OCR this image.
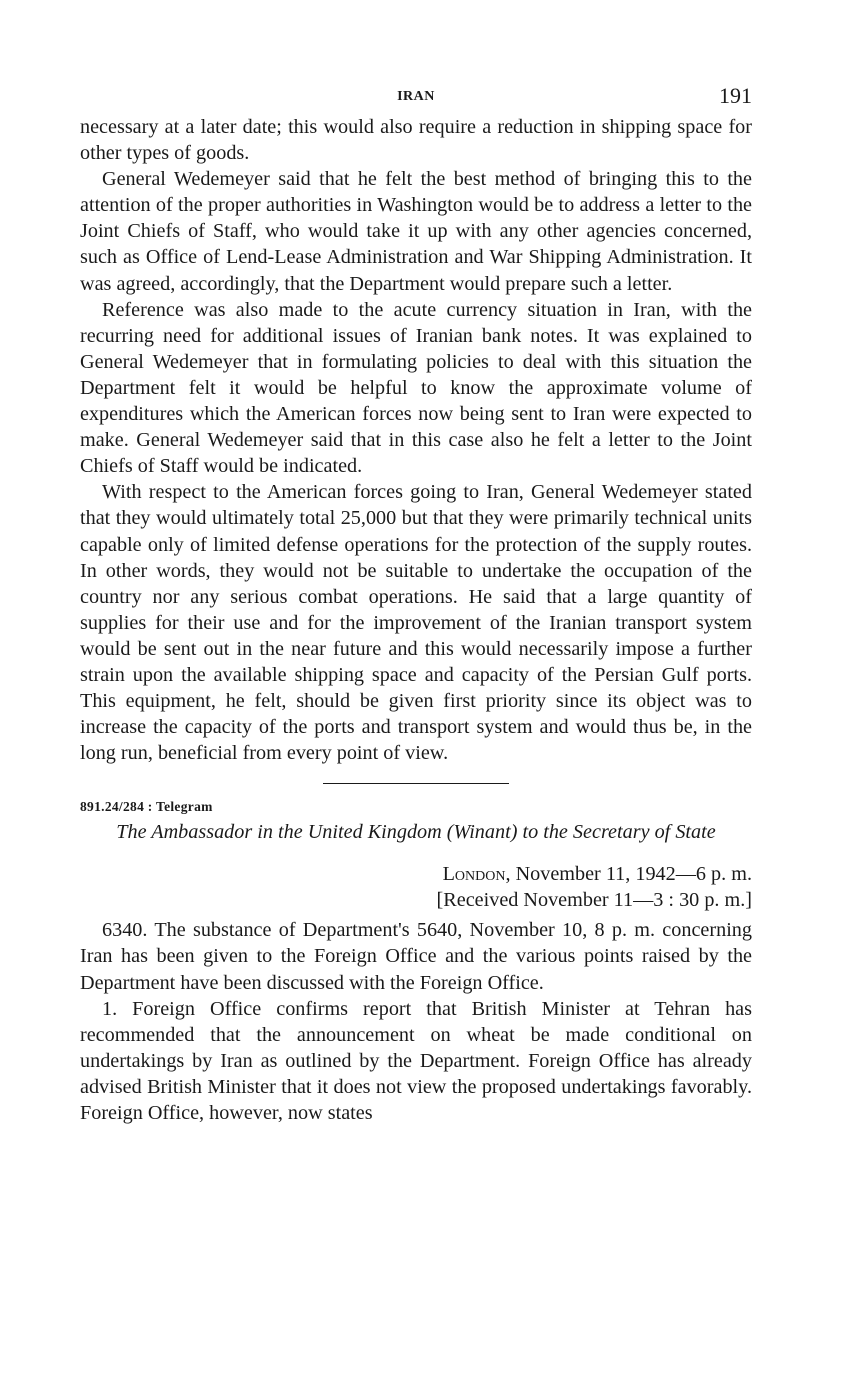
IRAN	191

necessary at a later date; this would also require a reduction in shipping space for other types of goods.

General Wedemeyer said that he felt the best method of bringing this to the attention of the proper authorities in Washington would be to address a letter to the Joint Chiefs of Staff, who would take it up with any other agencies concerned, such as Office of Lend-Lease Administration and War Shipping Administration. It was agreed, accordingly, that the Department would prepare such a letter.

Reference was also made to the acute currency situation in Iran, with the recurring need for additional issues of Iranian bank notes. It was explained to General Wedemeyer that in formulating policies to deal with this situation the Department felt it would be helpful to know the approximate volume of expenditures which the American forces now being sent to Iran were expected to make. General Wedemeyer said that in this case also he felt a letter to the Joint Chiefs of Staff would be indicated.

With respect to the American forces going to Iran, General Wedemeyer stated that they would ultimately total 25,000 but that they were primarily technical units capable only of limited defense operations for the protection of the supply routes. In other words, they would not be suitable to undertake the occupation of the country nor any serious combat operations. He said that a large quantity of supplies for their use and for the improvement of the Iranian transport system would be sent out in the near future and this would necessarily impose a further strain upon the available shipping space and capacity of the Persian Gulf ports. This equipment, he felt, should be given first priority since its object was to increase the capacity of the ports and transport system and would thus be, in the long run, beneficial from every point of view.

891.24/284 : Telegram
The Ambassador in the United Kingdom (Winant) to the Secretary of State
London, November 11, 1942—6 p. m.
[Received November 11—3 : 30 p. m.]

6340. The substance of Department's 5640, November 10, 8 p. m. concerning Iran has been given to the Foreign Office and the various points raised by the Department have been discussed with the Foreign Office.

1. Foreign Office confirms report that British Minister at Tehran has recommended that the announcement on wheat be made conditional on undertakings by Iran as outlined by the Department. Foreign Office has already advised British Minister that it does not view the proposed undertakings favorably. Foreign Office, however, now states
